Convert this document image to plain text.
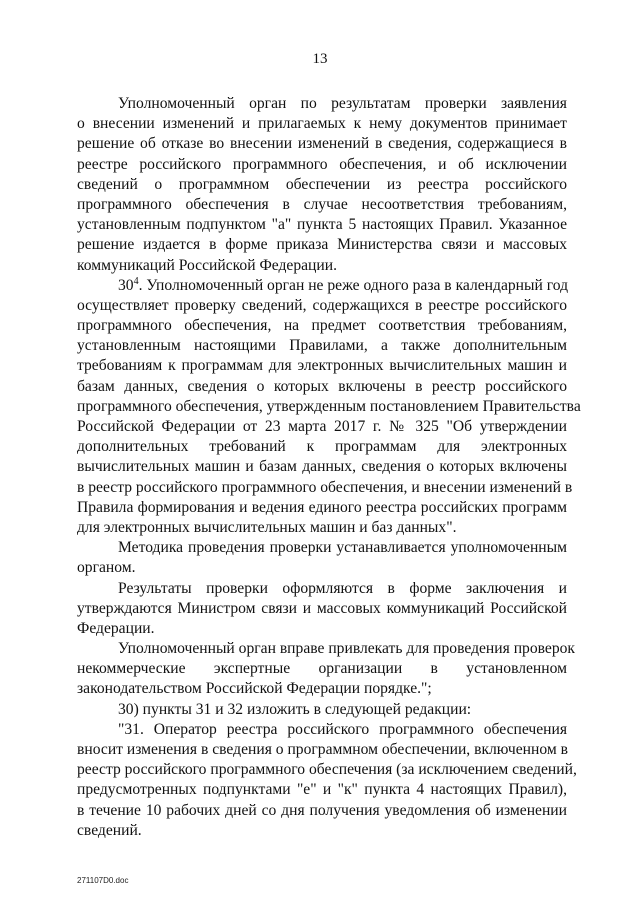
13
Уполномоченный орган по результатам проверки заявления
о внесении изменений и прилагаемых к нему документов принимает
решение об отказе во внесении изменений в сведения, содержащиеся в
реестре российского программного обеспечения, и об исключении
сведений о программном обеспечении из реестра российского
программного обеспечения в случае несоответствия требованиям,
установленным подпунктом "а" пункта 5 настоящих Правил. Указанное
решение издается в форме приказа Министерства связи и массовых
коммуникаций Российской Федерации.
$30^4$. Уполномоченный орган не реже одного раза в календарный год
осуществляет проверку сведений, содержащихся в реестре российского
программного обеспечения, на предмет соответствия требованиям,
установленным настоящими Правилами, а также дополнительным
требованиям к программам для электронных вычислительных машин и
базам данных, сведения о которых включены в реестр российского
программного обеспечения, утвержденным постановлением Правительства
Российской Федерации от 23 марта 2017 г. № 325 "Об утверждении
дополнительных требований к программам для электронных
вычислительных машин и базам данных, сведения о которых включены
в реестр российского программного обеспечения, и внесении изменений в
Правила формирования и ведения единого реестра российских программ
для электронных вычислительных машин и баз данных".
Методика проведения проверки устанавливается уполномоченным
органом.
Результаты проверки оформляются в форме заключения и
утверждаются Министром связи и массовых коммуникаций Российской
Федерации.
Уполномоченный орган вправе привлекать для проведения проверок
некоммерческие экспертные организации в установленном
законодательством Российской Федерации порядке.";
30) пункты 31 и 32 изложить в следующей редакции:
"31. Оператор реестра российского программного обеспечения
вносит изменения в сведения о программном обеспечении, включенном в
реестр российского программного обеспечения (за исключением сведений,
предусмотренных подпунктами "е" и "к" пункта 4 настоящих Правил),
в течение 10 рабочих дней со дня получения уведомления об изменении
сведений.
271107D0.doc
